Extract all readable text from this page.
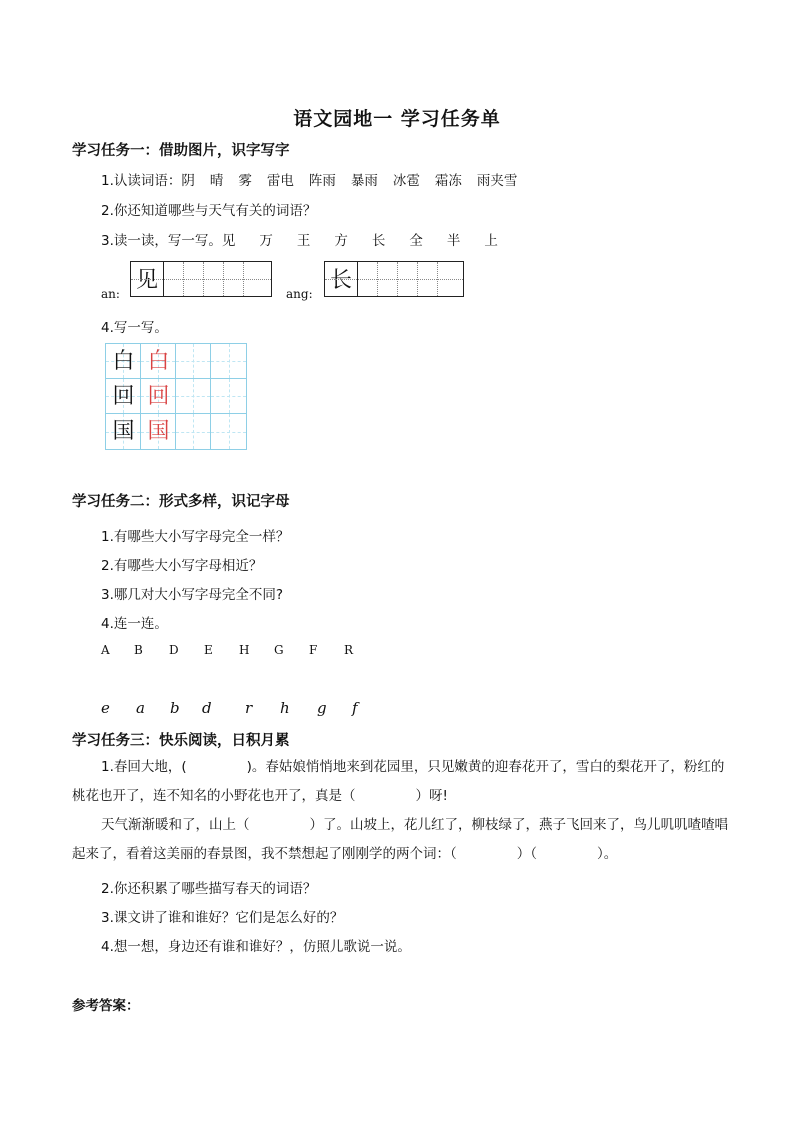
语文园地一 学习任务单
学习任务一：借助图片，识字写字
1.认读词语：阴 晴 雾 雷电 阵雨 暴雨 冰雹 霜冻 雨夹雪
2.你还知道哪些与天气有关的词语？
3.读一读，写一写。见 万 王 方 长 全 半 上
an:
见
ang:
长
4.写一写。
白 白
回 回
国 国
学习任务二：形式多样，识记字母
1.有哪些大小写字母完全一样？
2.有哪些大小写字母相近？
3.哪几对大小写字母完全不同?
4.连一连。
A B D E H G F R
e a b d r h g f
学习任务三：快乐阅读，日积月累

1.春回大地，(	)。春姑娘悄悄地来到花园里，只见嫩黄的迎春花开了，雪白的梨花开了，粉红的桃花也开了，连不知名的小野花也开了，真是（	）呀!

天气渐渐暖和了，山上（	）了。山坡上，花儿红了，柳枝绿了，燕子飞回来了，鸟儿叽叽喳喳唱起来了，看着这美丽的春景图，我不禁想起了刚刚学的两个词：（	）（	）。

2.你还积累了哪些描写春天的词语？
3.课文讲了谁和谁好？它们是怎么好的？
4.想一想，身边还有谁和谁好？，仿照儿歌说一说。
参考答案：
